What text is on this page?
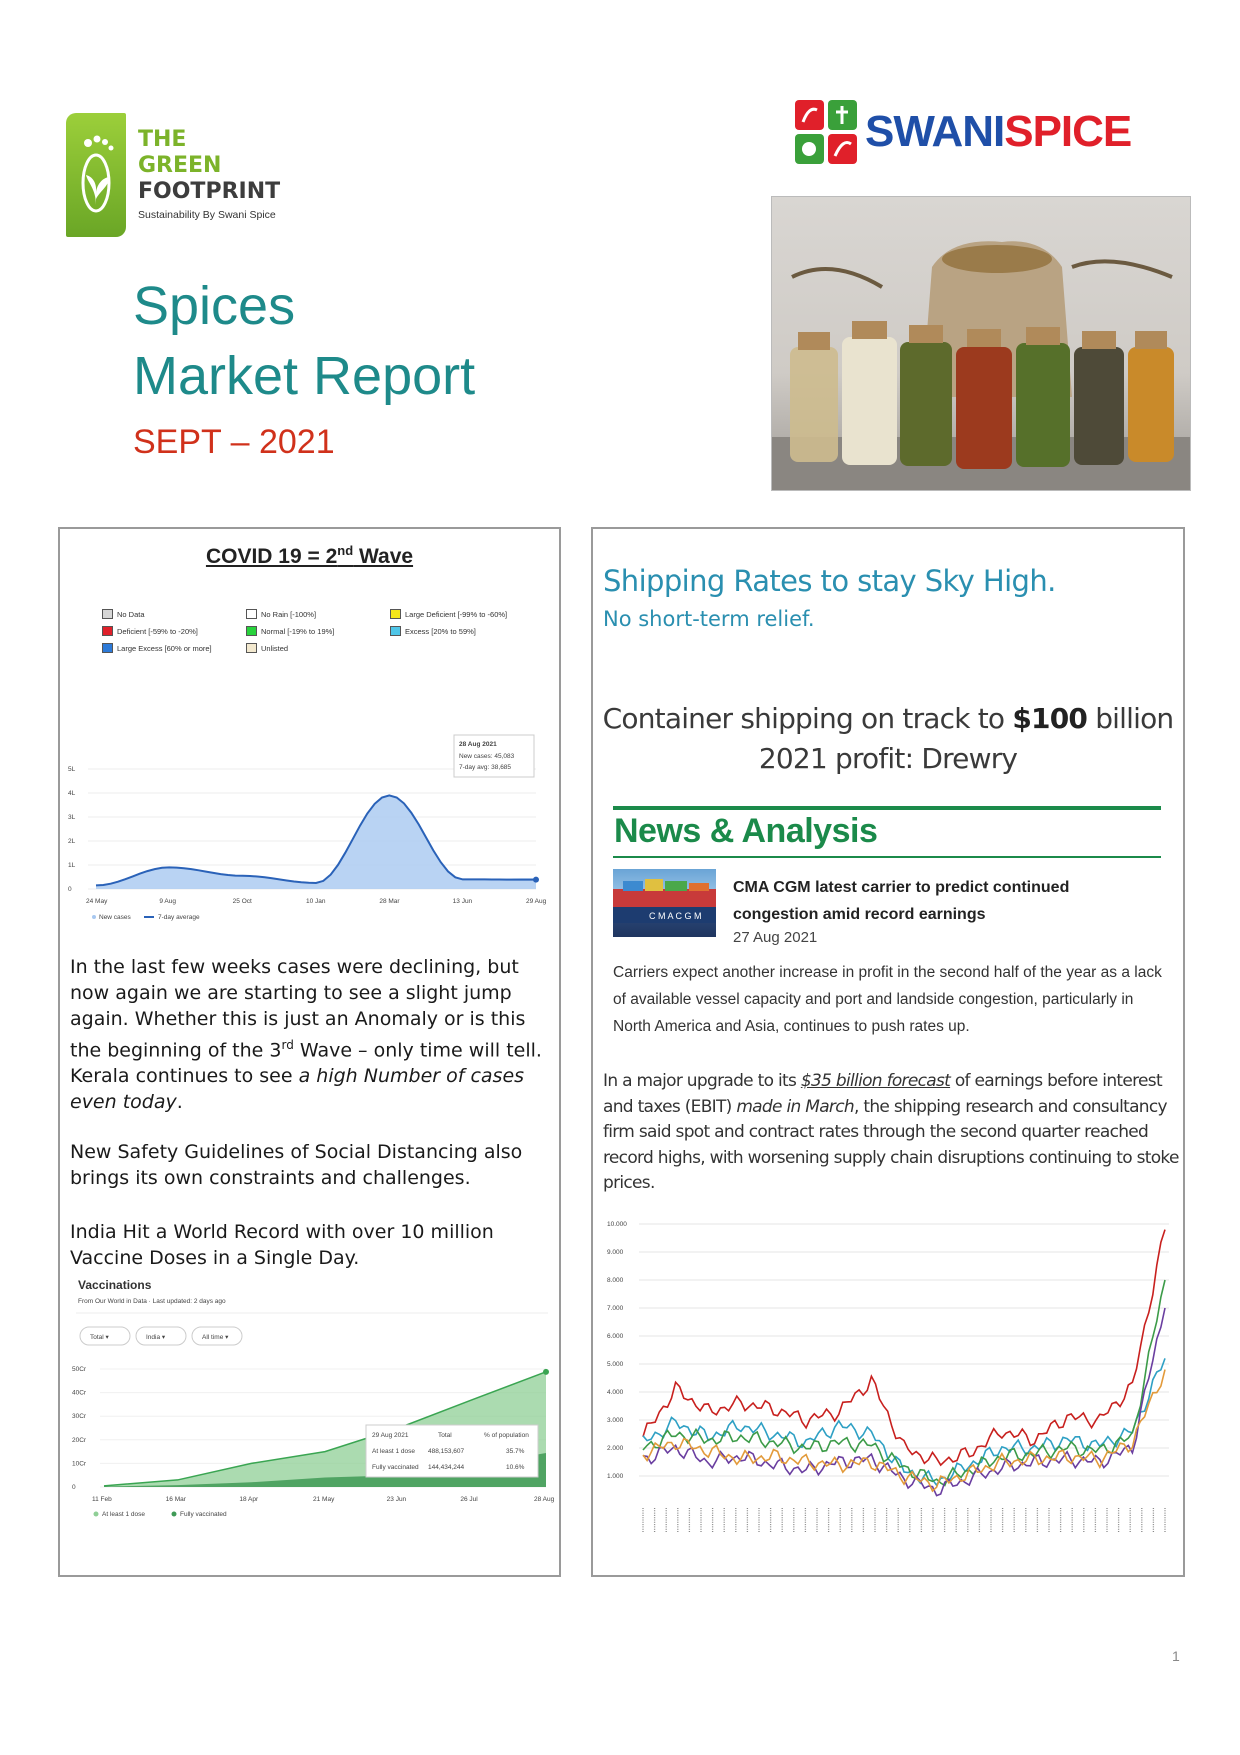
THE
GREEN
FOOTPRINT
Sustainability By Swani Spice
SWANISPICE
Spices
Market Report
SEPT – 2021
COVID 19 = 2nd Wave
No Data	No Rain [-100%]	Large Deficient [-99% to -60%]
Deficient [-59% to -20%]	Normal [-19% to 19%]	Excess [20% to 59%]
Large Excess [60% or more]	Unlisted
0
1L
2L
3L
4L
5L
24 May	9 Aug	25 Oct	10 Jan	28 Mar	13 Jun	29 Aug
28 Aug 2021
New cases: 45,083
7-day avg: 38,685
New cases	7-day average
In the last few weeks cases were declining, but now again we are starting to see a slight jump again. Whether this is just an Anomaly or is this the beginning of the 3rd Wave – only time will tell. Kerala continues to see a high Number of cases even today.
New Safety Guidelines of Social Distancing also brings its own constraints and challenges.
India Hit a World Record with over 10 million Vaccine Doses in a Single Day.
Vaccinations
From Our World in Data · Last updated: 2 days ago
Total ▾	India ▾	All time ▾
0
10Cr
20Cr
30Cr
40Cr
50Cr
11 Feb	16 Mar	18 Apr	21 May	23 Jun	26 Jul	28 Aug
29 Aug 2021	Total	% of population
At least 1 dose 488,153,607	35.7%
Fully vaccinated 144,434,244	10.6%
At least 1 dose	Fully vaccinated
Shipping Rates to stay Sky High.
No short-term relief.
Container shipping on track to $100 billion 2021 profit: Drewry
News & Analysis
C M A C G M
CMA CGM latest carrier to predict continued congestion amid record earnings
27 Aug 2021
Carriers expect another increase in profit in the second half of the year as a lack of available vessel capacity and port and landside congestion, particularly in North America and Asia, continues to push rates up.
In a major upgrade to its $35 billion forecast of earnings before interest and taxes (EBIT) made in March, the shipping research and consultancy firm said spot and contract rates through the second quarter reached record highs, with worsening supply chain disruptions continuing to stoke prices.
1.000
2.000
3.000
4.000
5.000
6.000
7.000
8.000
9.000
10.000
1
